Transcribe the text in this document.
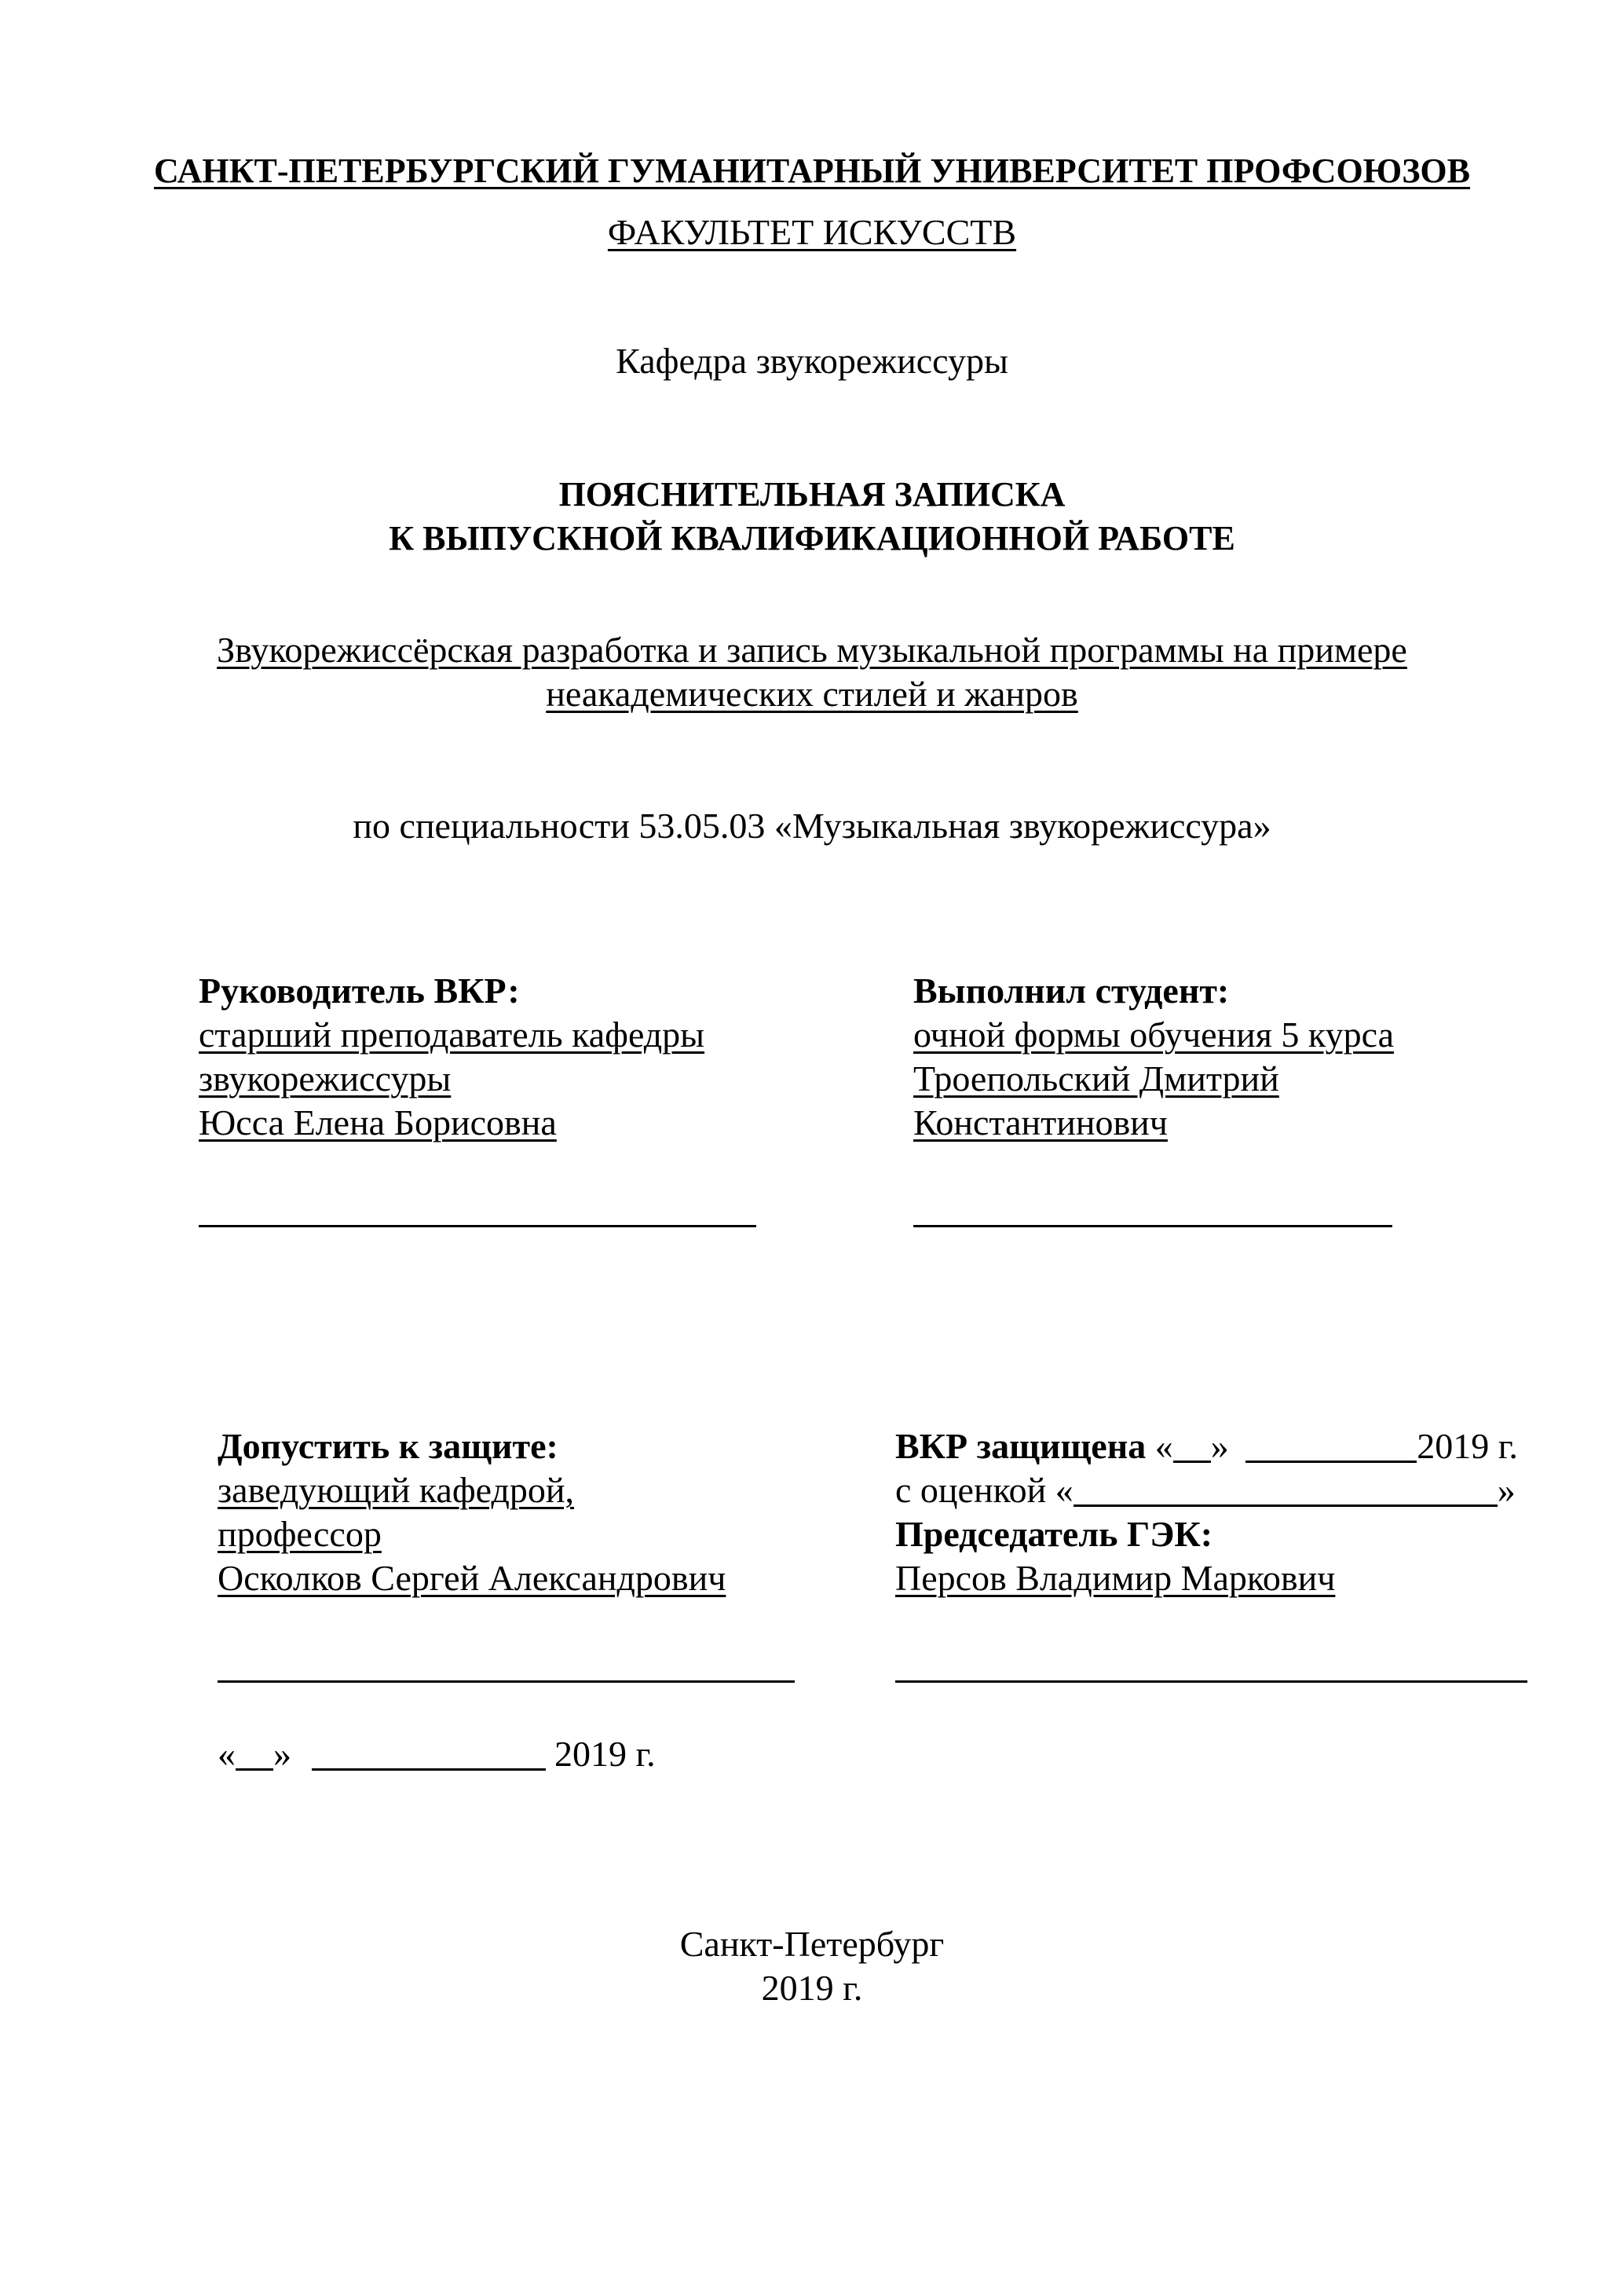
САНКТ-ПЕТЕРБУРГСКИЙ ГУМАНИТАРНЫЙ УНИВЕРСИТЕТ ПРОФСОЮЗОВ
ФАКУЛЬТЕТ ИСКУССТВ
Кафедра звукорежиссуры
ПОЯСНИТЕЛЬНАЯ ЗАПИСКА
К ВЫПУСКНОЙ КВАЛИФИКАЦИОННОЙ РАБОТЕ
Звукорежиссёрская разработка и запись музыкальной программы на примере
неакадемических стилей и жанров
по специальности 53.05.03 «Музыкальная звукорежиссура»
Руководитель ВКР:
старший преподаватель кафедры
звукорежиссуры
Юсса Елена Борисовна
Выполнил студент:
очной формы обучения 5 курса
Троепольский Дмитрий
Константинович
Допустить к защите:
заведующий кафедрой,
профессор
Осколков Сергей Александрович
« »	2019 г.
ВКР защищена « »	2019 г.
с оценкой «	»
Председатель ГЭК:
Персов Владимир Маркович
Санкт-Петербург
2019 г.
